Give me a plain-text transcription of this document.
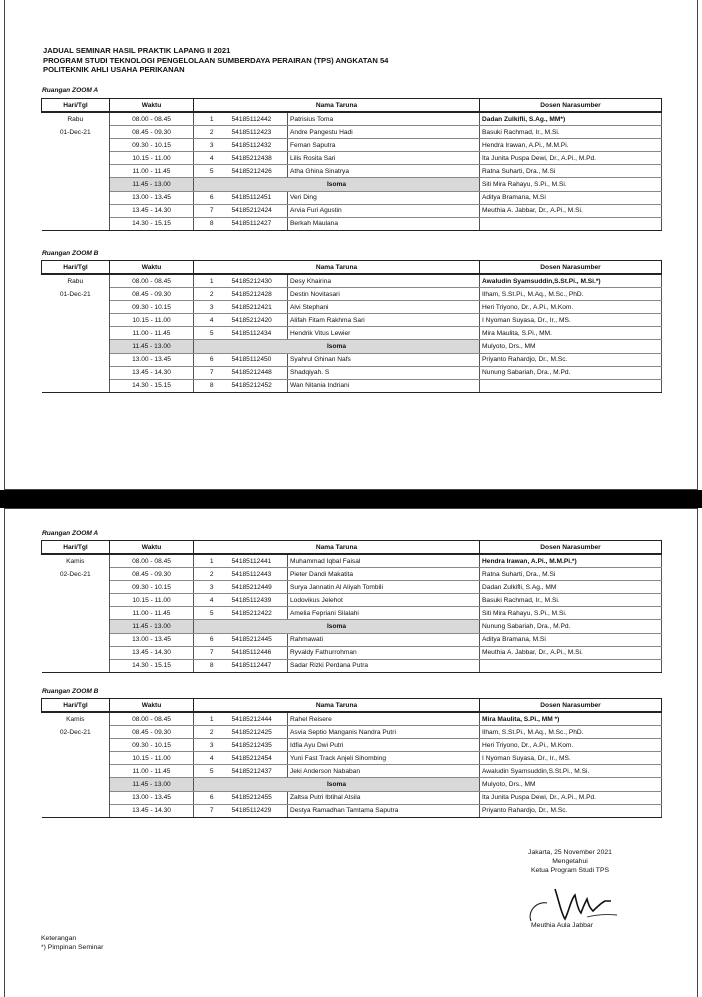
JADUAL SEMINAR HASIL PRAKTIK LAPANG II 2021
PROGRAM STUDI TEKNOLOGI PENGELOLAAN SUMBERDAYA PERAIRAN (TPS) ANGKATAN 54
POLITEKNIK AHLI USAHA PERIKANAN
Ruangan ZOOM A
Hari/Tgl	Waktu	Nama Taruna			Dosen Narasumber
Rabu	08.00 - 08.45	1	54185112442	Patrisius Toma	Dadan Zulkifli, S.Ag., MM*)
01-Dec-21	08.45 - 09.30	2	54185112423	Andre Pangestu Hadi	Basuki Rachmad, Ir., M.Si.
	09.30 - 10.15	3	54185112432	Feman Saputra	Hendra Irawan, A.Pi., M.M.Pi.
	10.15 - 11.00	4	54185212438	Lilis Rosita Sari	Ita Junita Puspa Dewi, Dr., A.Pi., M.Pd.
	11.00 - 11.45	5	54185212426	Atha Ghina Sinatrya	Ratna Suharti, Dra., M.Si
	11.45 - 13.00	Isoma			Siti Mira Rahayu, S.Pi., M.Si.
	13.00 - 13.45	6	54185112451	Veri Ding	Aditya Bramana, M.Si
	13.45 - 14.30	7	54185212424	Arvia Furi Agustin	Meuthia A. Jabbar, Dr., A.Pi., M.Si.
	14.30 - 15.15	8	54185112427	Berkah Maulana	
Ruangan ZOOM B
Hari/Tgl	Waktu	Nama Taruna			Dosen Narasumber
Rabu	08.00 - 08.45	1	54185212430	Desy Khairina	Awaludin Syamsuddin,S.St.Pi., M.Si.*)
01-Dec-21	08.45 - 09.30	2	54185212428	Destin Novitasari	Ilham, S.St.Pi., M.Aq., M.Sc., PhD.
	09.30 - 10.15	3	54185212421	Alvi Stephani	Heri Triyono, Dr., A.Pi., M.Kom.
	10.15 - 11.00	4	54185212420	Alifah Fitam Rakhma Sari	I Nyoman Suyasa, Dr., Ir., MS.
	11.00 - 11.45	5	54185112434	Hendrik Vitus Lewier	Mira Maulita, S.Pi., MM.
	11.45 - 13.00	Isoma			Mulyoto, Drs., MM
	13.00 - 13.45	6	54185112450	Syahrul Ghinan Nafs	Priyanto Rahardjo, Dr., M.Sc.
	13.45 - 14.30	7	54185212448	Shadqiyah. S	Nunung Sabariah, Dra., M.Pd.
	14.30 - 15.15	8	54185212452	Wan Nitania Indriani	
Ruangan ZOOM A
Hari/Tgl	Waktu	Nama Taruna			Dosen Narasumber
Kamis	08.00 - 08.45	1	54185112441	Muhammad Iqbal Faisal	Hendra Irawan, A.Pi., M.M.Pi.*)
02-Dec-21	08.45 - 09.30	2	54185112443	Pieter Dandi Makatita	Ratna Suharti, Dra., M.Si
	09.30 - 10.15	3	54185212449	Surya Jannatin Al Aliyah Tombili	Dadan Zulkifli, S.Ag., MM
	10.15 - 11.00	4	54185112439	Lodovikus Jelehot	Basuki Rachmad, Ir., M.Si.
	11.00 - 11.45	5	54185212422	Amelia Fepriani Silalahi	Siti Mira Rahayu, S.Pi., M.Si.
	11.45 - 13.00	Isoma			Nunung Sabariah, Dra., M.Pd.
	13.00 - 13.45	6	54185212445	Rahmawati	Aditya Bramana, M.Si
	13.45 - 14.30	7	54185112446	Ryvaldy Fathurrohman	Meuthia A. Jabbar, Dr., A.Pi., M.Si.
	14.30 - 15.15	8	54185112447	Sadar Rizki Perdana Putra	
Ruangan ZOOM B
Hari/Tgl	Waktu	Nama Taruna			Dosen Narasumber
Kamis	08.00 - 08.45	1	54185212444	Rahel Reisere	Mira Maulita, S.Pi., MM *)
02-Dec-21	08.45 - 09.30	2	54185212425	Asvia Septio Manganis Nandra Putri	Ilham, S.St.Pi., M.Aq., M.Sc., PhD.
	09.30 - 10.15	3	54185212435	Idfia Ayu Dwi Putri	Heri Triyono, Dr., A.Pi., M.Kom.
	10.15 - 11.00	4	54185212454	Yuni Fast Track Anjeli Sihombing	I Nyoman Suyasa, Dr., Ir., MS.
	11.00 - 11.45	5	54185212437	Jeki Anderson Nababan	Awaludin Syamsuddin,S.St.Pi., M.Si.
	11.45 - 13.00	Isoma			Mulyoto, Drs., MM
	13.00 - 13.45	6	54185212455	Zaltsa Putri Ibtihal Atsila	Ita Junita Puspa Dewi, Dr., A.Pi., M.Pd.
	13.45 - 14.30	7	54185112429	Destya Ramadhan Tamtama Saputra	Priyanto Rahardjo, Dr., M.Sc.
Jakarta, 25 November 2021
Mengetahui
Ketua Program Studi TPS
Meuthia Aula Jabbar
Keterangan
*) Pimpinan Seminar
